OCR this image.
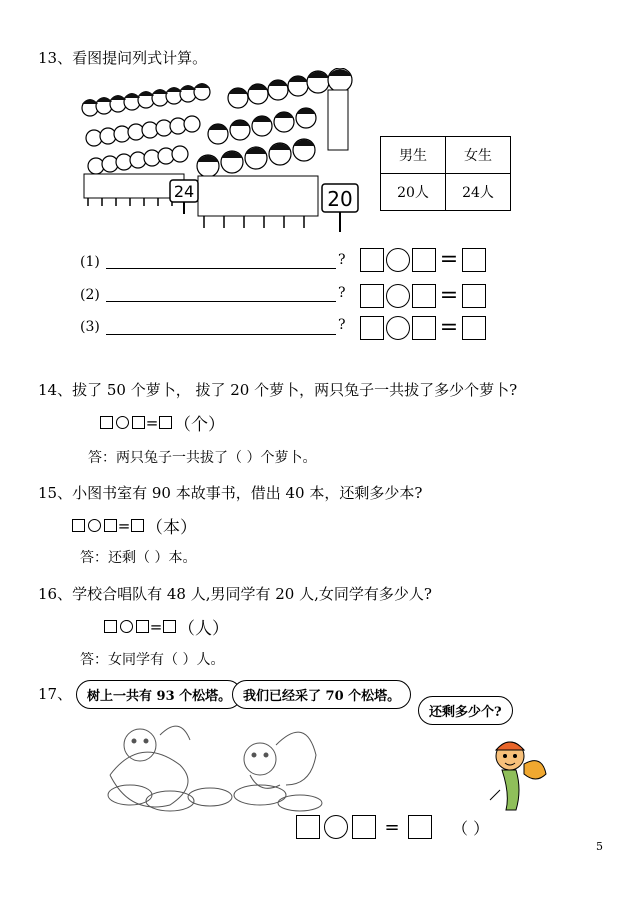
13、看图提问列式计算。
24	20
男生	女生
20人	24人
(1)	?	=
(2)	?	=
(3)	?	=
14、拔了 50 个萝卜， 拔了 20 个萝卜，两只兔子一共拔了多少个萝卜?
= （个）
答：两只兔子一共拔了（ ）个萝卜。
15、小图书室有 90 本故事书，借出 40 本，还剩多少本?
= （本）
答：还剩（ ）本。
16、学校合唱队有 48 人,男同学有 20 人,女同学有多少人?
= （人）
答：女同学有（ ）人。
17、	树上一共有 93 个松塔。 我们已经采了 70 个松塔。
还剩多少个?
=	（ ）
5
